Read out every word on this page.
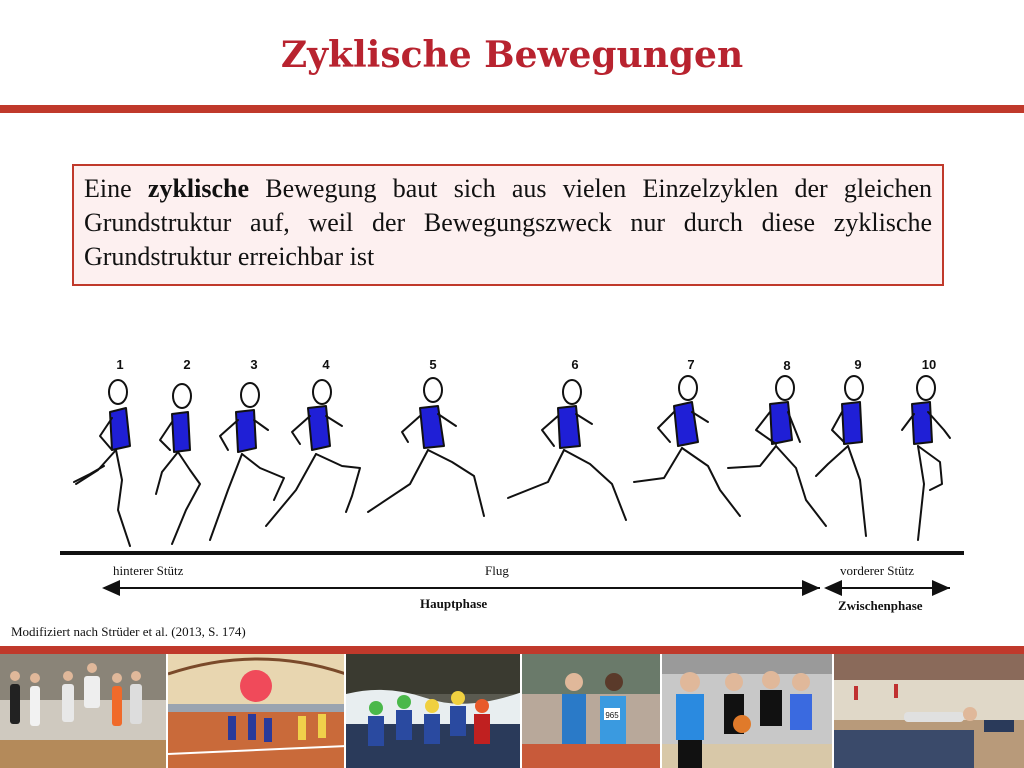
Zyklische Bewegungen
Eine zyklische Bewegung baut sich aus vielen Einzelzyklen der gleichen Grundstruktur auf, weil der Bewegungszweck nur durch diese zyklische Grundstruktur erreichbar ist
1	2	3	4	5	6	7	8	9	10
hinterer Stütz	Flug	vorderer Stütz
Hauptphase	Zwischenphase
Modifiziert nach Strüder et al. (2013, S. 174)
965
